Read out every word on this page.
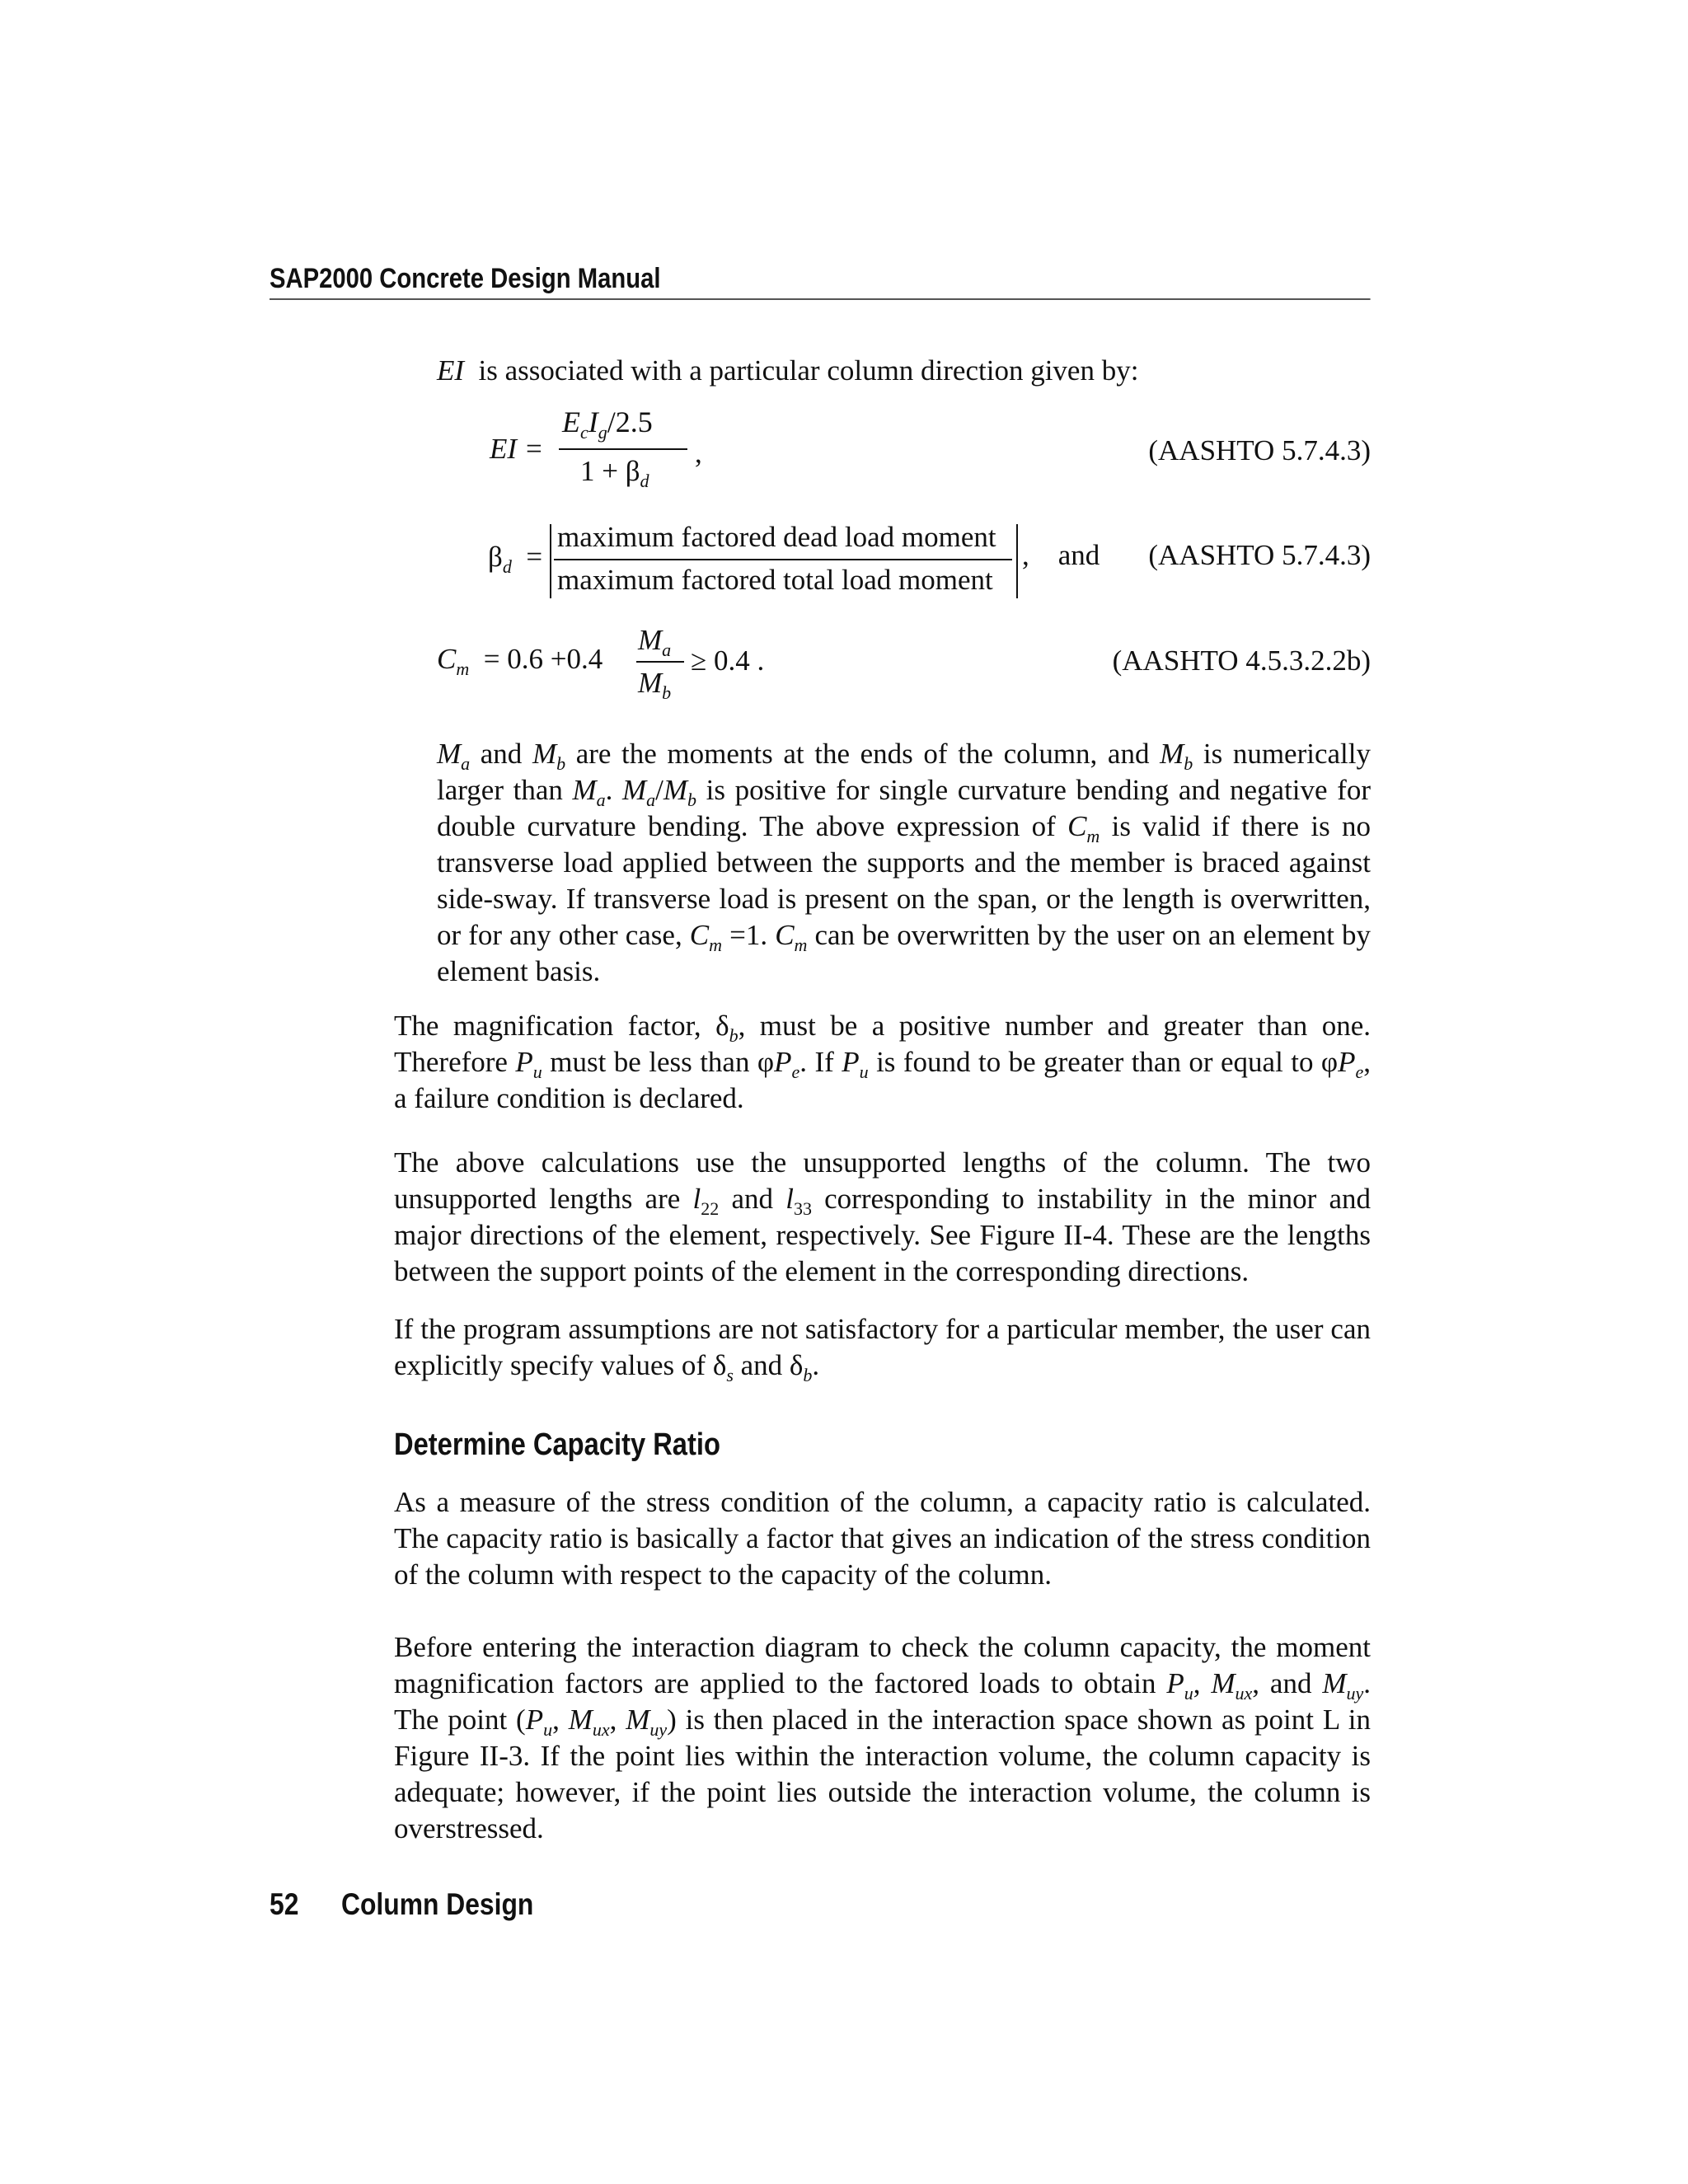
SAP2000 Concrete Design Manual
EI is associated with a particular column direction given by:
EI =
$E_cI_g/2.5$
$1 + \beta_d$
,	(AASHTO 5.7.4.3)
$\beta_d$ =
maximum factored dead load moment
maximum factored total load moment
,    and (AASHTO 5.7.4.3)
$C_m = 0.6 +0.4$
$M_a$
$M_b$
≥ 0.4 .	(AASHTO 4.5.3.2.2b)
$M_a$ and $M_b$ are the moments at the ends of the column, and $M_b$ is numerically larger than $M_a$. $M_a/M_b$ is positive for single curvature bending and negative for double curvature bending. The above expression of $C_m$ is valid if there is no transverse load applied between the supports and the member is braced against side-sway. If transverse load is present on the span, or the length is overwritten, or for any other case, $C_m =1$. $C_m$ can be overwritten by the user on an element by element basis.
The magnification factor, $\delta_b$, must be a positive number and greater than one. Therefore $P_u$ must be less than $\varphi P_e$. If $P_u$ is found to be greater than or equal to $\varphi P_e$, a failure condition is declared.
The above calculations use the unsupported lengths of the column. The two unsupported lengths are $l_{22}$ and $l_{33}$ corresponding to instability in the minor and major directions of the element, respectively. See Figure II-4. These are the lengths between the support points of the element in the corresponding directions.
If the program assumptions are not satisfactory for a particular member, the user can explicitly specify values of $\delta_s$ and $\delta_b$.
Determine Capacity Ratio
As a measure of the stress condition of the column, a capacity ratio is calculated. The capacity ratio is basically a factor that gives an indication of the stress condition of the column with respect to the capacity of the column.
Before entering the interaction diagram to check the column capacity, the moment magnification factors are applied to the factored loads to obtain $P_u$, $M_{ux}$, and $M_{uy}$. The point ($P_u$, $M_{ux}$, $M_{uy}$) is then placed in the interaction space shown as point L in Figure II-3. If the point lies within the interaction volume, the column capacity is adequate; however, if the point lies outside the interaction volume, the column is overstressed.
52 Column Design
